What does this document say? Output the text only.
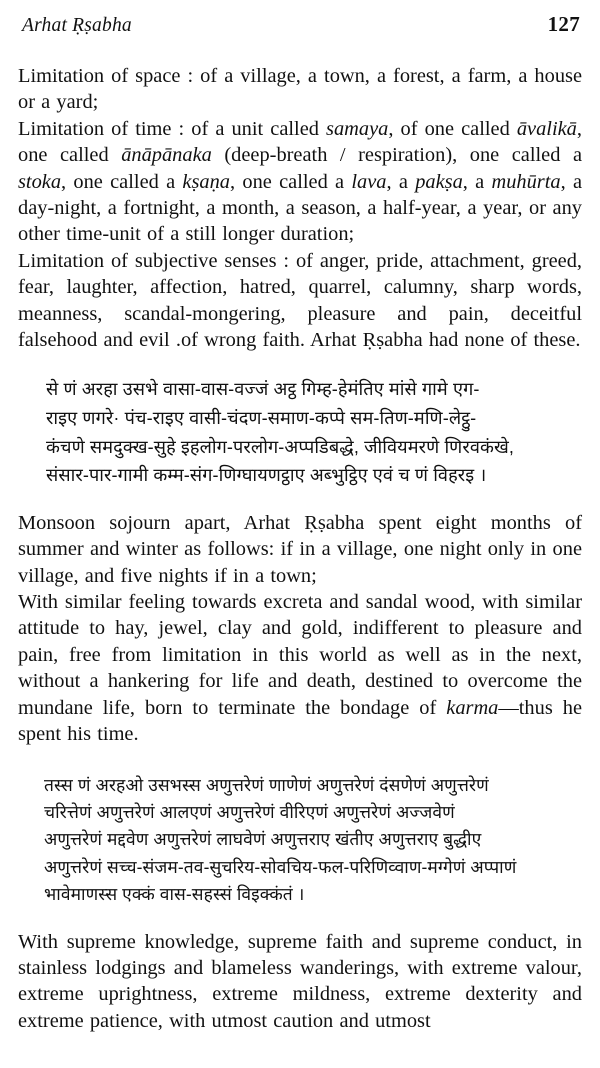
Arhat Ṛṣabha	127

Limitation of space : of a village, a town, a forest, a farm, a house or a yard;

Limitation of time : of a unit called samaya, of one called āvalikā, one called ānāpānaka (deep-breath / respiration), one called a stoka, one called a kṣaṇa, one called a lava, a pakṣa, a muhūrta, a day-night, a fortnight, a month, a season, a half-year, a year, or any other time-unit of a still longer duration;

Limitation of subjective senses : of anger, pride, attachment, greed, fear, laughter, affection, hatred, quarrel, calumny, sharp words, meanness, scandal-mongering, pleasure and pain, deceitful falsehood and evil .of wrong faith. Arhat Ṛṣabha had none of these.

से णं अरहा उसभे वासा-वास-वज्जं अट्ठ गिम्ह-हेमंतिए मांसे गामे एग-
राइए णगरे· पंच-राइए वासी-चंदण-समाण-कप्पे सम-तिण-मणि-लेट्ठु-
कंचणे समदुक्ख-सुहे इहलोग-परलोग-अप्पडिबद्धे, जीवियमरणे णिरवकंखे,
संसार-पार-गामी कम्म-संग-णिग्घायणट्ठाए अब्भुट्ठिए एवं च णं विहरइ ।

Monsoon sojourn apart, Arhat Ṛṣabha spent eight months of summer and winter as follows: if in a village, one night only in one village, and five nights if in a town;

With similar feeling towards excreta and sandal wood, with similar attitude to hay, jewel, clay and gold, indifferent to pleasure and pain, free from limitation in this world as well as in the next, without a hankering for life and death, destined to overcome the mundane life, born to terminate the bondage of karma—thus he spent his time.

तस्स णं अरहओ उसभस्स अणुत्तरेणं णाणेणं अणुत्तरेणं दंसणेणं अणुत्तरेणं
चरित्तेणं अणुत्तरेणं आलएणं अणुत्तरेणं वीरिएणं अणुत्तरेणं अज्जवेणं
अणुत्तरेणं मद्दवेण अणुत्तरेणं लाघवेणं अणुत्तराए खंतीए अणुत्तराए बुद्धीए
अणुत्तरेणं सच्च-संजम-तव-सुचरिय-सोवचिय-फल-परिणिव्वाण-मग्गेणं अप्पाणं
भावेमाणस्स एक्कं वास-सहस्सं विइक्कंतं ।

With supreme knowledge, supreme faith and supreme conduct, in stainless lodgings and blameless wanderings, with extreme valour, extreme uprightness, extreme mildness, extreme dexterity and extreme patience, with utmost caution and utmost
